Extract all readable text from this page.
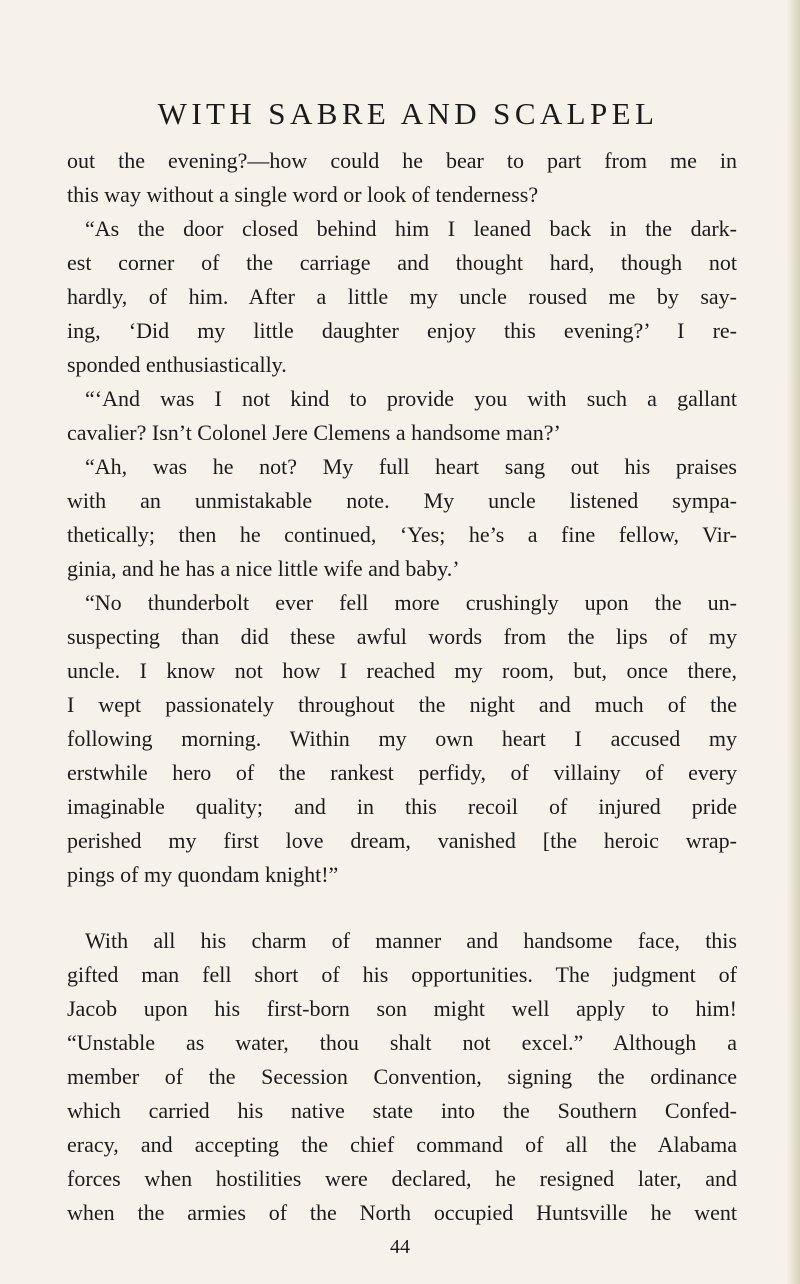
WITH SABRE AND SCALPEL
out the evening?—how could he bear to part from me in
this way without a single word or look of tenderness?
“As the door closed behind him I leaned back in the dark-
est corner of the carriage and thought hard, though not
hardly, of him. After a little my uncle roused me by say-
ing, ‘Did my little daughter enjoy this evening?’ I re-
sponded enthusiastically.
“‘And was I not kind to provide you with such a gallant
cavalier? Isn’t Colonel Jere Clemens a handsome man?’
“Ah, was he not? My full heart sang out his praises
with an unmistakable note. My uncle listened sympa-
thetically; then he continued, ‘Yes; he’s a fine fellow, Vir-
ginia, and he has a nice little wife and baby.’
“No thunderbolt ever fell more crushingly upon the un-
suspecting than did these awful words from the lips of my
uncle. I know not how I reached my room, but, once there,
I wept passionately throughout the night and much of the
following morning. Within my own heart I accused my
erstwhile hero of the rankest perfidy, of villainy of every
imaginable quality; and in this recoil of injured pride
perished my first love dream, vanished [the heroic wrap-
pings of my quondam knight!”
With all his charm of manner and handsome face, this
gifted man fell short of his opportunities. The judgment of
Jacob upon his first-born son might well apply to him!
“Unstable as water, thou shalt not excel.” Although a
member of the Secession Convention, signing the ordinance
which carried his native state into the Southern Confed-
eracy, and accepting the chief command of all the Alabama
forces when hostilities were declared, he resigned later, and
when the armies of the North occupied Huntsville he went
44
